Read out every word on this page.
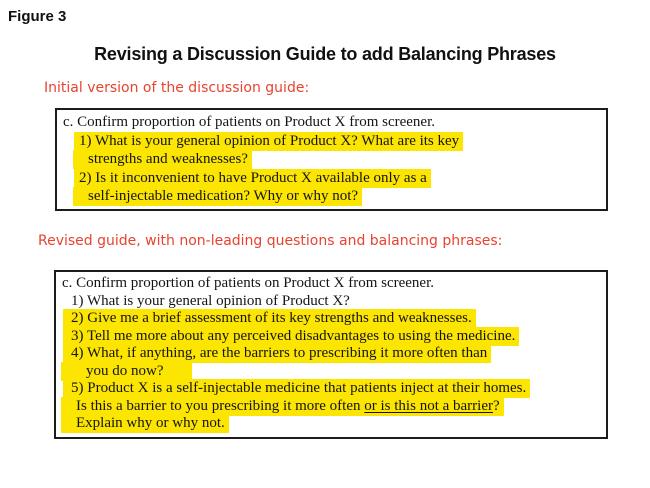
Figure 3
Revising a Discussion Guide to add Balancing Phrases
Initial version of the discussion guide:
c. Confirm proportion of patients on Product X from screener.
1) What is your general opinion of Product X? What are its key
strengths and weaknesses?
2) Is it inconvenient to have Product X available only as a
self-injectable medication? Why or why not?
Revised guide, with non-leading questions and balancing phrases:
c. Confirm proportion of patients on Product X from screener.
1) What is your general opinion of Product X?
2) Give me a brief assessment of its key strengths and weaknesses.
3) Tell me more about any perceived disadvantages to using the medicine.
4) What, if anything, are the barriers to prescribing it more often than
you do now?
5) Product X is a self-injectable medicine that patients inject at their homes.
Is this a barrier to you prescribing it more often or is this not a barrier?
Explain why or why not.
